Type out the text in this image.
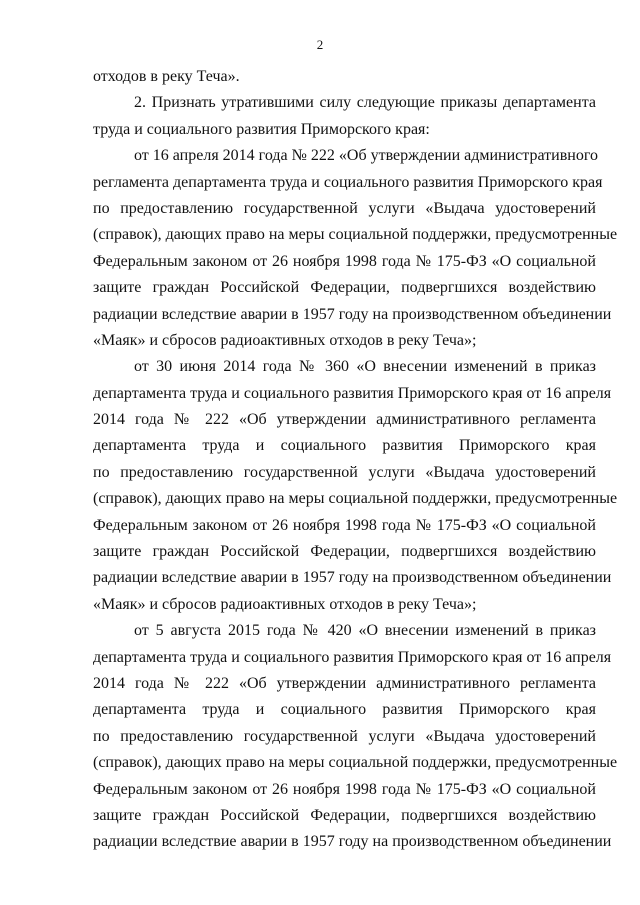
2
отходов в реку Теча».
2. Признать утратившими силу следующие приказы департамента
труда и социального развития Приморского края:
от 16 апреля 2014 года № 222 «Об утверждении административного
регламента департамента труда и социального развития Приморского края
по предоставлению государственной услуги «Выдача удостоверений
(справок), дающих право на меры социальной поддержки, предусмотренные
Федеральным законом от 26 ноября 1998 года № 175-ФЗ «О социальной
защите граждан Российской Федерации, подвергшихся воздействию
радиации вследствие аварии в 1957 году на производственном объединении
«Маяк» и сбросов радиоактивных отходов в реку Теча»;
от 30 июня 2014 года № 360 «О внесении изменений в приказ
департамента труда и социального развития Приморского края от 16 апреля
2014 года № 222 «Об утверждении административного регламента
департамента труда и социального развития Приморского края
по предоставлению государственной услуги «Выдача удостоверений
(справок), дающих право на меры социальной поддержки, предусмотренные
Федеральным законом от 26 ноября 1998 года № 175-ФЗ «О социальной
защите граждан Российской Федерации, подвергшихся воздействию
радиации вследствие аварии в 1957 году на производственном объединении
«Маяк» и сбросов радиоактивных отходов в реку Теча»;
от 5 августа 2015 года № 420 «О внесении изменений в приказ
департамента труда и социального развития Приморского края от 16 апреля
2014 года № 222 «Об утверждении административного регламента
департамента труда и социального развития Приморского края
по предоставлению государственной услуги «Выдача удостоверений
(справок), дающих право на меры социальной поддержки, предусмотренные
Федеральным законом от 26 ноября 1998 года № 175-ФЗ «О социальной
защите граждан Российской Федерации, подвергшихся воздействию
радиации вследствие аварии в 1957 году на производственном объединении
